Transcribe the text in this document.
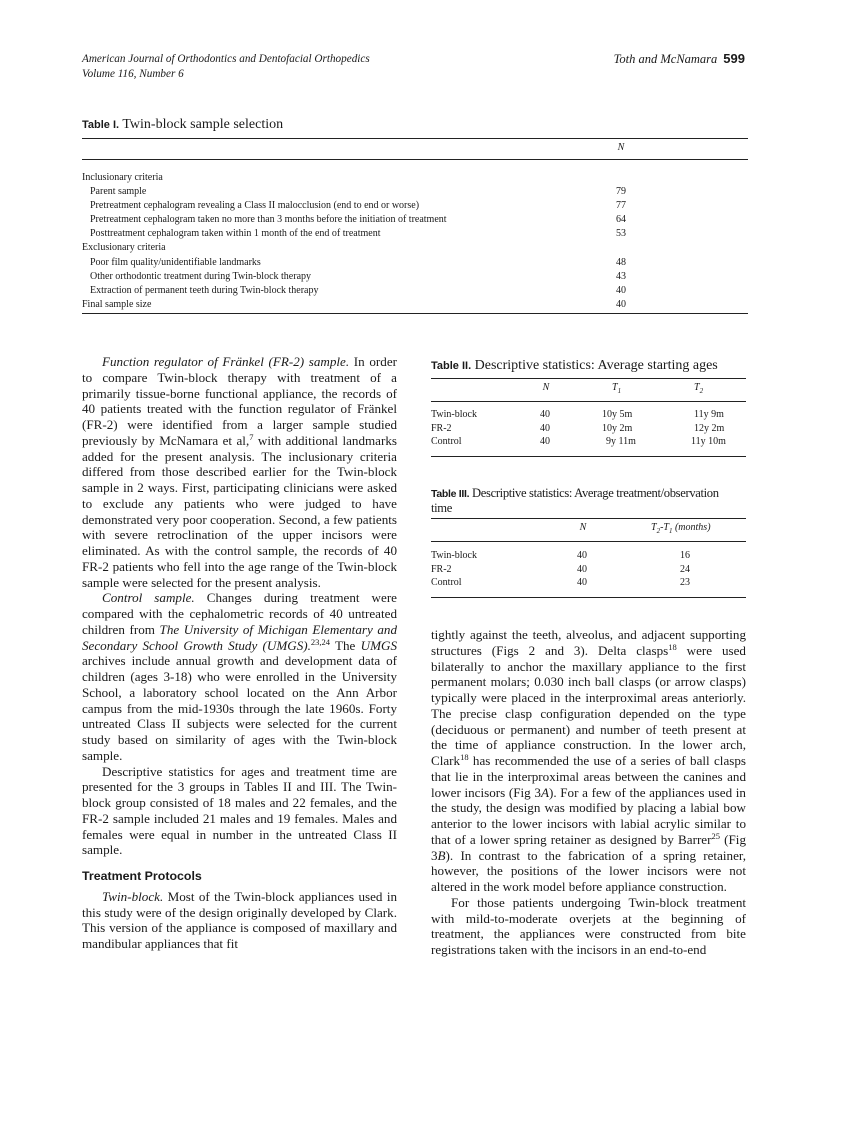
American Journal of Orthodontics and Dentofacial Orthopedics
Volume 116, Number 6
Toth and McNamara 599
Table I. Twin-block sample selection
N
Inclusionary criteria
Parent sample	79
Pretreatment cephalogram revealing a Class II malocclusion (end to end or worse)	77
Pretreatment cephalogram taken no more than 3 months before the initiation of treatment	64
Posttreatment cephalogram taken within 1 month of the end of treatment	53
Exclusionary criteria
Poor film quality/unidentifiable landmarks	48
Other orthodontic treatment during Twin-block therapy	43
Extraction of permanent teeth during Twin-block therapy	40
Final sample size	40
Table II. Descriptive statistics: Average starting ages
N	$T_1$	$T_2$
Twin-block	40	10y 5m	11y 9m
FR-2	40	10y 2m	12y 2m
Control	40	9y 11m	11y 10m
Table III. Descriptive statistics: Average treatment/observation
time
N	$T_2-T_1$ (months)
Twin-block	40	16
FR-2	40	24
Control	40	23

Function regulator of Fränkel (FR-2) sample. In order to compare Twin-block therapy with treatment of a primarily tissue-borne functional appliance, the records of 40 patients treated with the function regulator of Fränkel (FR-2) were identified from a larger sample studied previously by McNamara et al,$^7$ with additional landmarks added for the present analysis. The inclusionary criteria differed from those described earlier for the Twin-block sample in 2 ways. First, participating clinicians were asked to exclude any patients who were judged to have demonstrated very poor cooperation. Second, a few patients with severe retroclination of the upper incisors were eliminated. As with the control sample, the records of 40 FR-2 patients who fell into the age range of the Twin-block sample were selected for the present analysis.

Control sample. Changes during treatment were compared with the cephalometric records of 40 untreated children from The University of Michigan Elementary and Secondary School Growth Study (UMGS).$^{23,24}$ The UMGS archives include annual growth and development data of children (ages 3-18) who were enrolled in the University School, a laboratory school located on the Ann Arbor campus from the mid-1930s through the late 1960s. Forty untreated Class II subjects were selected for the current study based on similarity of ages with the Twin-block sample.

Descriptive statistics for ages and treatment time are presented for the 3 groups in Tables II and III. The Twin-block group consisted of 18 males and 22 females, and the FR-2 sample included 21 males and 19 females. Males and females were equal in number in the untreated Class II sample.

Treatment Protocols

Twin-block. Most of the Twin-block appliances used in this study were of the design originally developed by Clark. This version of the appliance is composed of maxillary and mandibular appliances that fit

tightly against the teeth, alveolus, and adjacent supporting structures (Figs 2 and 3). Delta clasps$^{18}$ were used bilaterally to anchor the maxillary appliance to the first permanent molars; 0.030 inch ball clasps (or arrow clasps) typically were placed in the interproximal areas anteriorly. The precise clasp configuration depended on the type (deciduous or permanent) and number of teeth present at the time of appliance construction. In the lower arch, Clark$^{18}$ has recommended the use of a series of ball clasps that lie in the interproximal areas between the canines and lower incisors (Fig 3A). For a few of the appliances used in the study, the design was modified by placing a labial bow anterior to the lower incisors with labial acrylic similar to that of a lower spring retainer as designed by Barrer$^{25}$ (Fig 3B). In contrast to the fabrication of a spring retainer, however, the positions of the lower incisors were not altered in the work model before appliance construction.

For those patients undergoing Twin-block treatment with mild-to-moderate overjets at the beginning of treatment, the appliances were constructed from bite registrations taken with the incisors in an end-to-end
